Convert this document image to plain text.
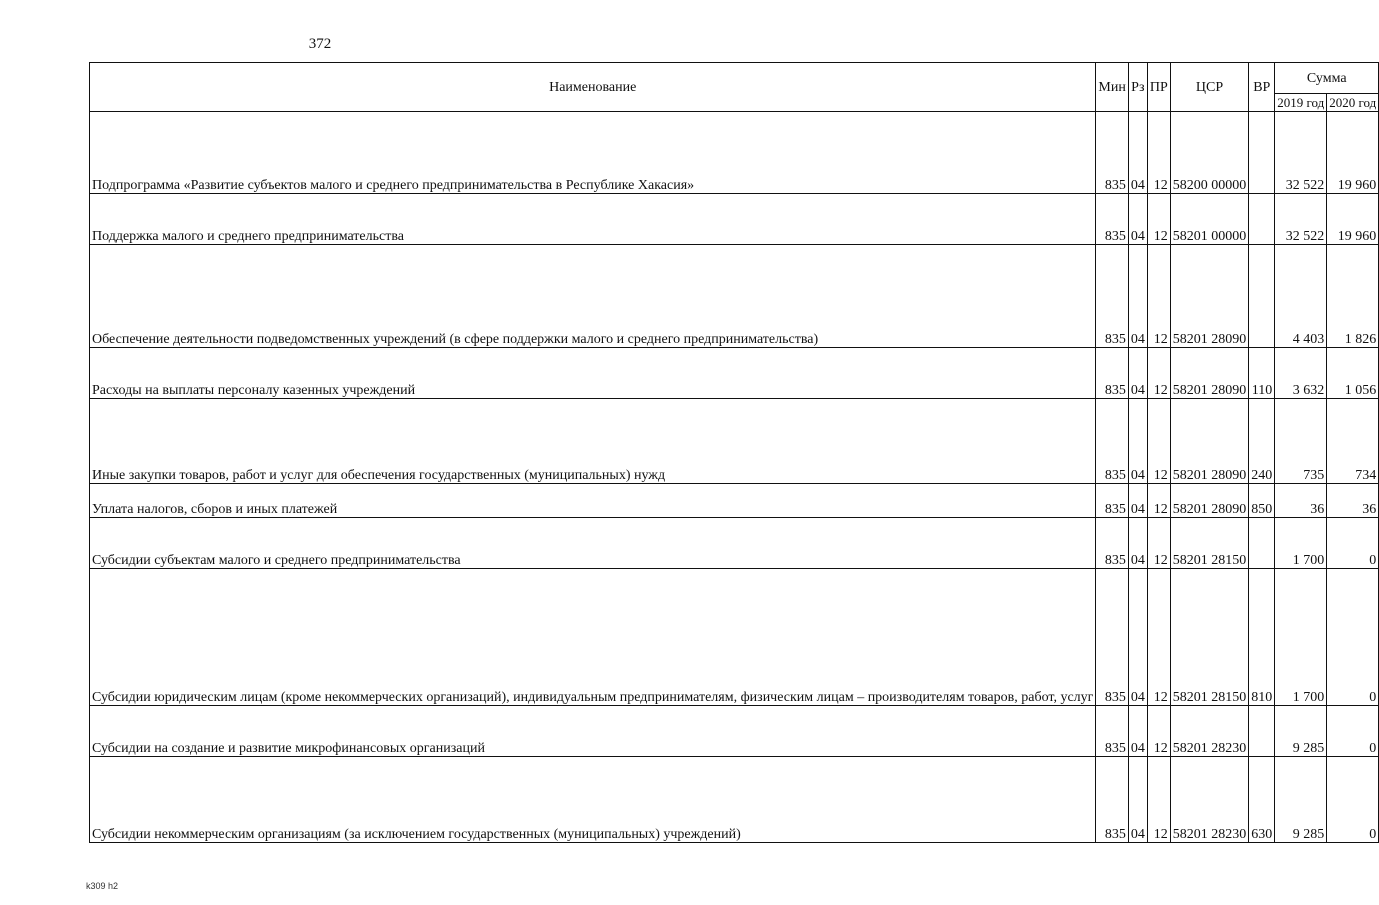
372
Наименование	Мин	Рз	ПР	ЦСР	ВР	Сумма	
						2019 год	2020 год
Подпрограмма «Развитие субъектов малого и среднего предпринимательства в Республике Хакасия»	835	04	12	58200 00000		32 522	19 960
Поддержка малого и среднего предпринимательства	835	04	12	58201 00000		32 522	19 960
Обеспечение деятельности подведомственных учреждений (в сфере поддержки малого и среднего предпринимательства)	835	04	12	58201 28090		4 403	1 826
Расходы на выплаты персоналу казенных учреждений	835	04	12	58201 28090	110	3 632	1 056
Иные закупки товаров, работ и услуг для обеспечения государственных (муниципальных) нужд	835	04	12	58201 28090	240	735	734
Уплата налогов, сборов и иных платежей	835	04	12	58201 28090	850	36	36
Субсидии субъектам малого и среднего предпринимательства	835	04	12	58201 28150		1 700	0
Субсидии юридическим лицам (кроме некоммерческих организаций), индивидуальным предпринимателям, физическим лицам – производителям товаров, работ, услуг	835	04	12	58201 28150	810	1 700	0
Субсидии на создание и развитие микрофинансовых организаций	835	04	12	58201 28230		9 285	0
Субсидии некоммерческим организациям (за исключением государственных (муниципальных) учреждений)	835	04	12	58201 28230	630	9 285	0
k309 h2
